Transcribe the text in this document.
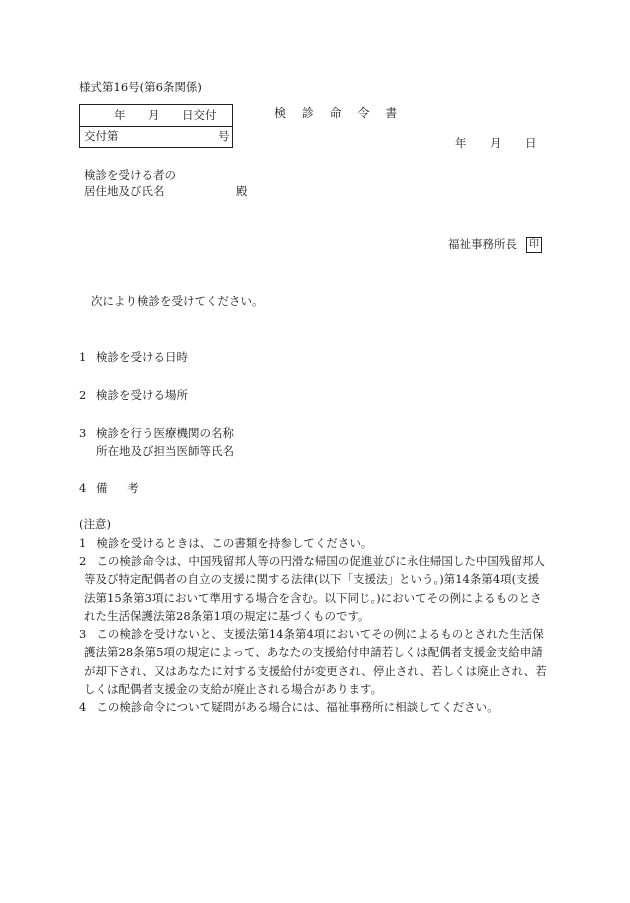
様式第16号(第6条関係)
年 月 日交付
交付第	号
検 診 命 令 書
年 月 日
検診を受ける者の
居住地及び氏名	殿
福祉事務所長	印
次により検診を受けてください。
1 検診を受ける日時
2 検診を受ける場所
3 検診を行う医療機関の名称
所在地及び担当医師等氏名
4 備 考
(注意)
1 検診を受けるときは、この書類を持参してください。
2 この検診命令は、中国残留邦人等の円滑な帰国の促進並びに永住帰国した中国残留邦人
等及び特定配偶者の自立の支援に関する法律(以下「支援法」という。)第14条第4項(支援
法第15条第3項において準用する場合を含む。以下同じ。)においてその例によるものとさ
れた生活保護法第28条第1項の規定に基づくものです。
3 この検診を受けないと、支援法第14条第4項においてその例によるものとされた生活保
護法第28条第5項の規定によって、あなたの支援給付申請若しくは配偶者支援金支給申請
が却下され、又はあなたに対する支援給付が変更され、停止され、若しくは廃止され、若
しくは配偶者支援金の支給が廃止される場合があります。
4 この検診命令について疑問がある場合には、福祉事務所に相談してください。
